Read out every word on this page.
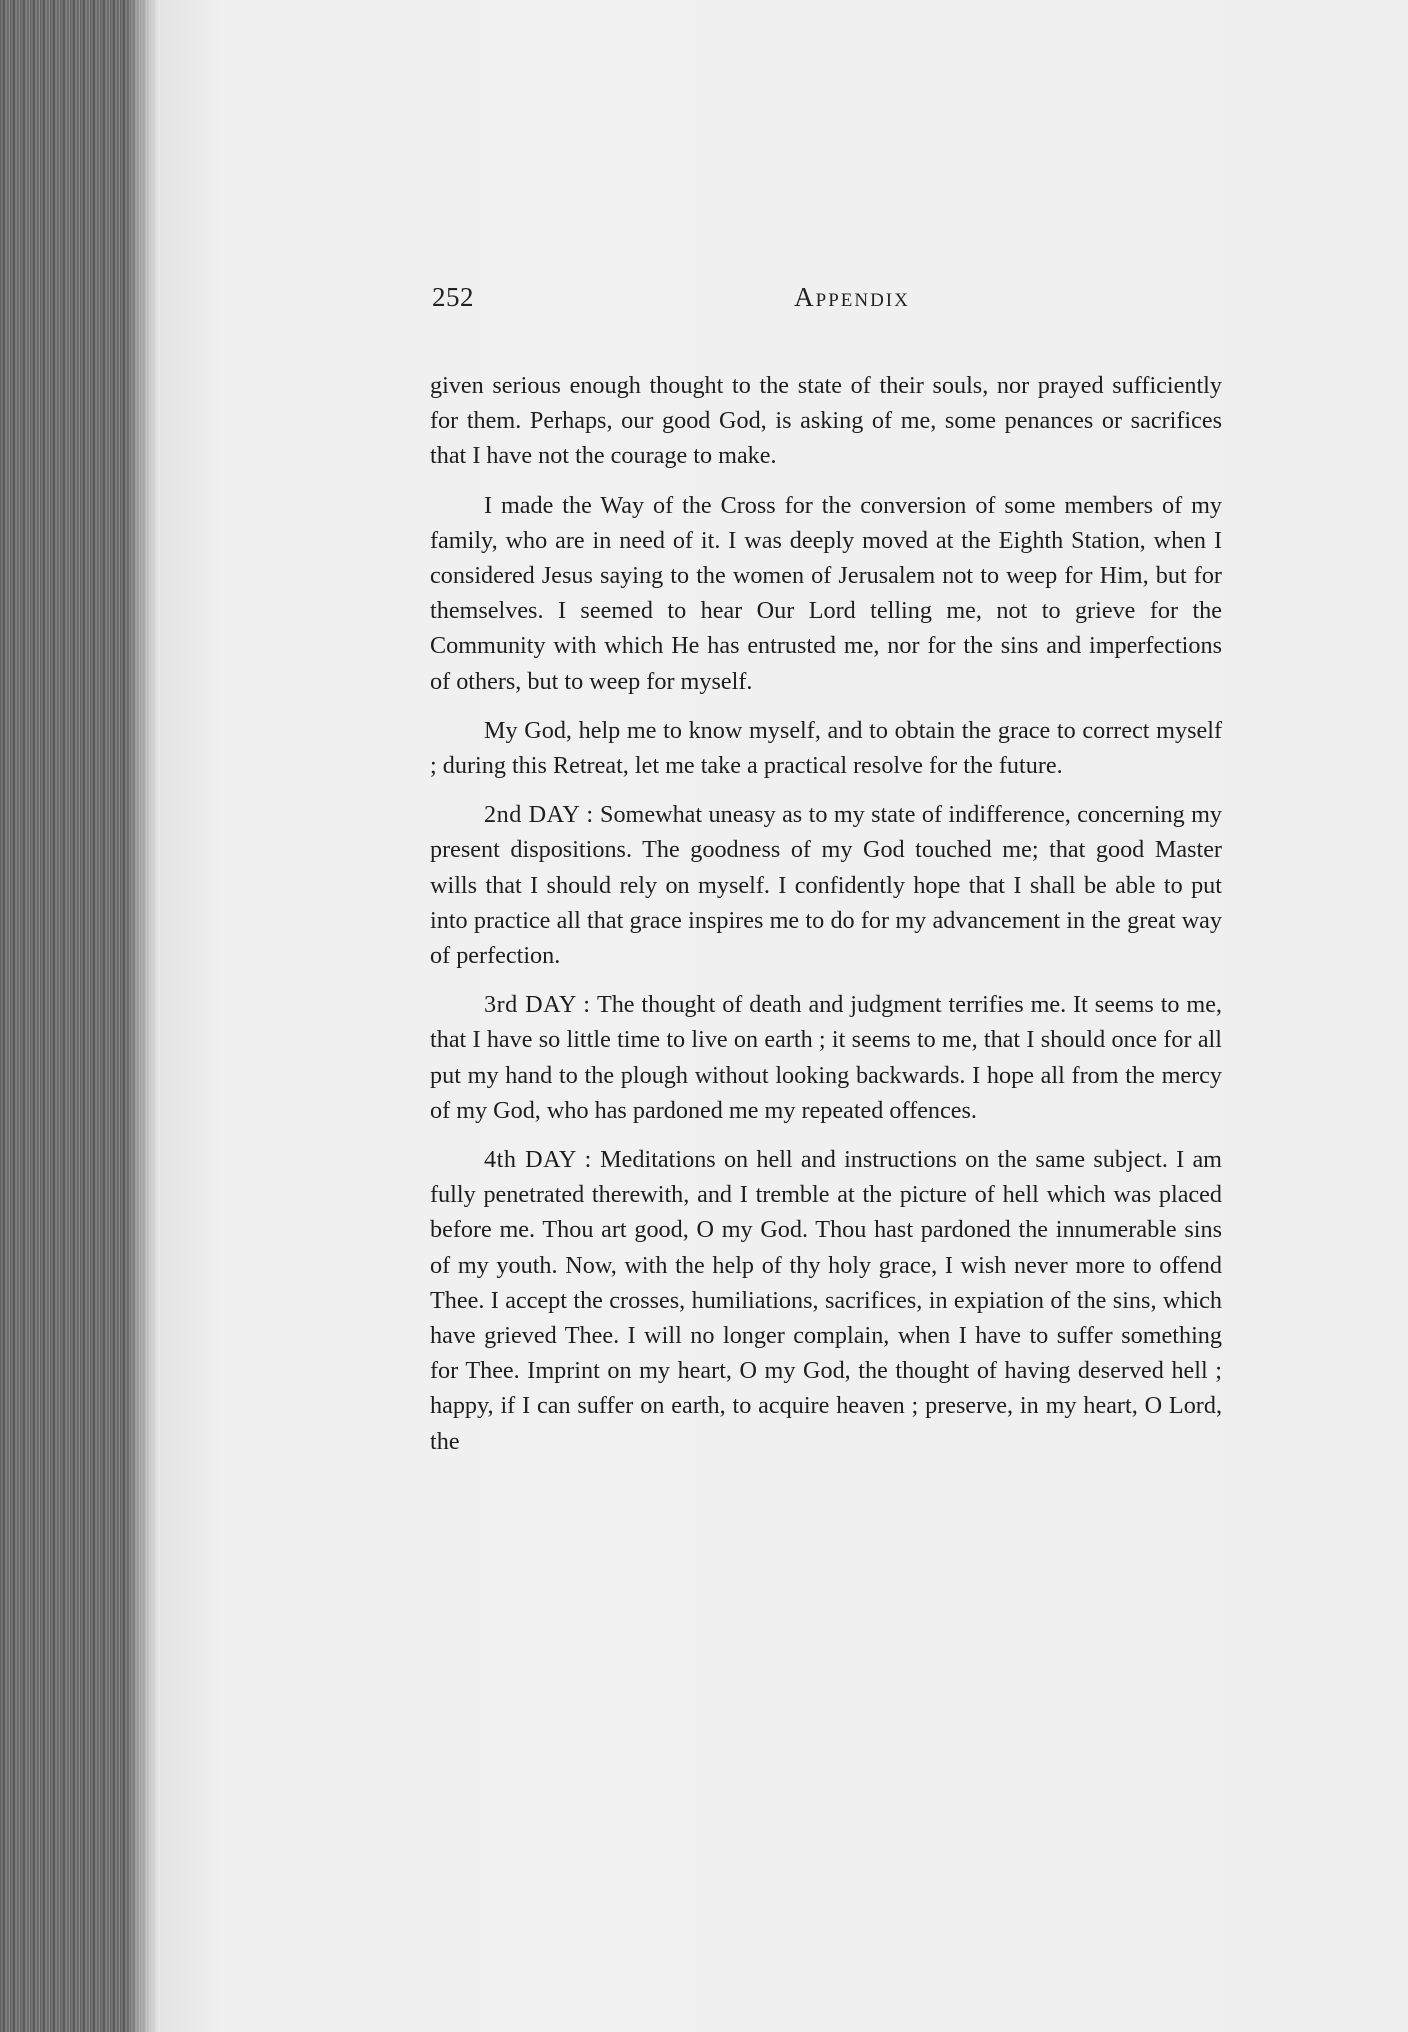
252	Appendix

given serious enough thought to the state of their souls, nor prayed sufficiently for them. Perhaps, our good God, is asking of me, some penances or sacrifices that I have not the courage to make.

I made the Way of the Cross for the conversion of some members of my family, who are in need of it. I was deeply moved at the Eighth Station, when I considered Jesus saying to the women of Jerusalem not to weep for Him, but for themselves. I seemed to hear Our Lord telling me, not to grieve for the Community with which He has entrusted me, nor for the sins and imperfections of others, but to weep for myself.

My God, help me to know myself, and to obtain the grace to correct myself ; during this Retreat, let me take a practical resolve for the future.

2nd DAY : Somewhat uneasy as to my state of indifference, concerning my present dispositions. The goodness of my God touched me; that good Master wills that I should rely on myself. I confidently hope that I shall be able to put into practice all that grace inspires me to do for my advancement in the great way of perfection.

3rd DAY : The thought of death and judgment terrifies me. It seems to me, that I have so little time to live on earth ; it seems to me, that I should once for all put my hand to the plough without looking backwards. I hope all from the mercy of my God, who has pardoned me my repeated offences.

4th DAY : Meditations on hell and instructions on the same subject. I am fully penetrated therewith, and I tremble at the picture of hell which was placed before me. Thou art good, O my God. Thou hast pardoned the innumerable sins of my youth. Now, with the help of thy holy grace, I wish never more to offend Thee. I accept the crosses, humiliations, sacrifices, in expiation of the sins, which have grieved Thee. I will no longer complain, when I have to suffer something for Thee. Imprint on my heart, O my God, the thought of having deserved hell ; happy, if I can suffer on earth, to acquire heaven ; preserve, in my heart, O Lord, the
